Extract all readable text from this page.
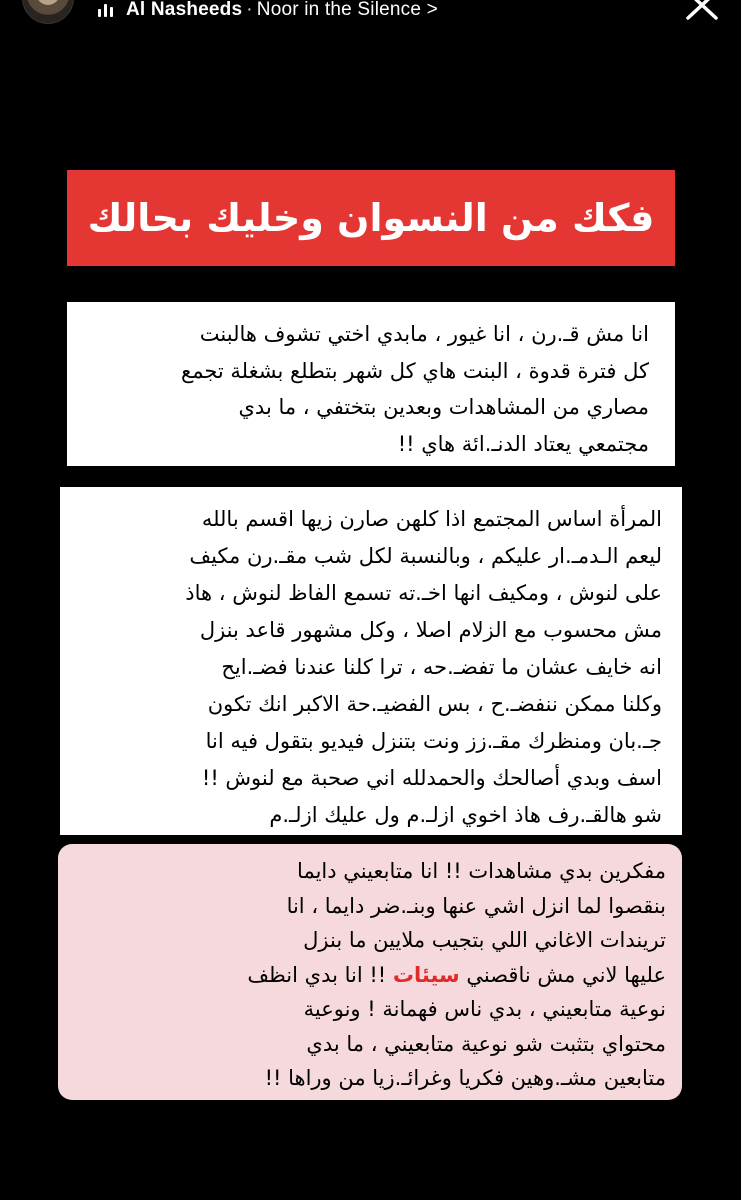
Al Nasheeds · Noor in the Silence >
فكك من النسوان وخليك بحالك

انا مش قـ.رن ، انا غيور ، مابدي اختي تشوف هالبنت

كل فترة قدوة ، البنت هاي كل شهر بتطلع بشغلة تجمع

مصاري من المشاهدات وبعدين بتختفي ، ما بدي

مجتمعي يعتاد الدنـ.ائة هاي !!

المرأة اساس المجتمع اذا كلهن صارن زيها اقسم بالله

ليعم الـدمـ.ار عليكم ، وبالنسبة لكل شب مقـ.رن مكيف

على لنوش ، ومكيف انها اخـ.ته تسمع الفاظ لنوش ، هاذ

مش محسوب مع الزلام اصلا ، وكل مشهور قاعد بنزل

انه خايف عشان ما تفضـ.حه ، ترا كلنا عندنا فضـ.ايح

وكلنا ممكن ننفضـ.ح ، بس الفضيـ.حة الاكبر انك تكون

جـ.بان ومنظرك مقـ.زز ونت بتنزل فيديو بتقول فيه انا

اسف وبدي أصالحك والحمدلله اني صحبة مع لنوش !!

شو هالقـ.رف هاذ اخوي ازلـ.م ول عليك ازلـ.م

مفكرين بدي مشاهدات !! انا متابعيني دايما

بنقصوا لما انزل اشي عنها وبنـ.ضر دايما ، انا

تريندات الاغاني اللي بتجيب ملايين ما بنزل

عليها لاني مش ناقصني سيئات !! انا بدي انظف

نوعية متابعيني ، بدي ناس فهمانة ! ونوعية

محتواي بتثبت شو نوعية متابعيني ، ما بدي

متابعين مشـ.وهين فكريا وغرائـ.زيا من وراها !!
